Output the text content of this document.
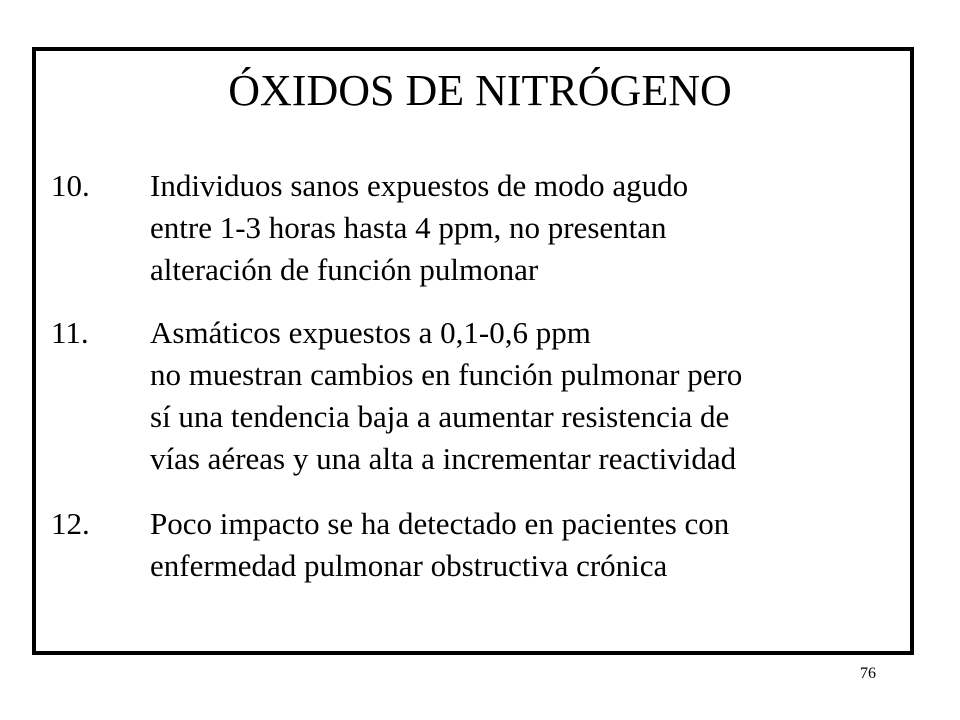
ÓXIDOS DE NITRÓGENO
10. Individuos sanos expuestos de modo agudo
entre 1-3 horas hasta 4 ppm, no presentan
alteración de función pulmonar
11. Asmáticos expuestos a 0,1-0,6 ppm
no muestran cambios en función pulmonar pero
sí una tendencia baja a aumentar resistencia de
vías aéreas y una alta a incrementar reactividad
12. Poco impacto se ha detectado en pacientes con
enfermedad pulmonar obstructiva crónica
76
